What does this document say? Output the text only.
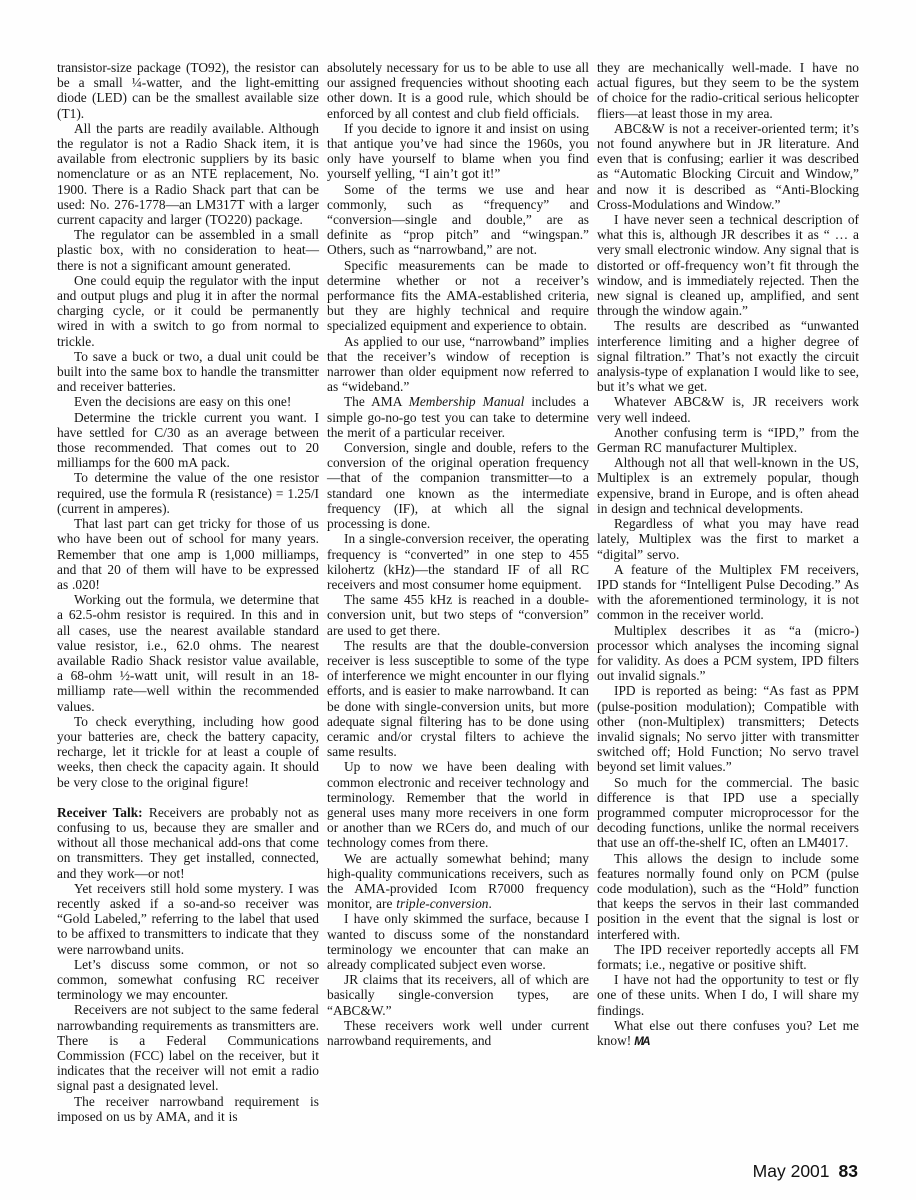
transistor-size package (TO92), the resistor can be a small ¼-watter, and the light-emitting diode (LED) can be the smallest available size (T1).

All the parts are readily available. Although the regulator is not a Radio Shack item, it is available from electronic suppliers by its basic nomenclature or as an NTE replacement, No. 1900. There is a Radio Shack part that can be used: No. 276-1778—an LM317T with a larger current capacity and larger (TO220) package.

The regulator can be assembled in a small plastic box, with no consideration to heat—there is not a significant amount generated.

One could equip the regulator with the input and output plugs and plug it in after the normal charging cycle, or it could be permanently wired in with a switch to go from normal to trickle.

To save a buck or two, a dual unit could be built into the same box to handle the transmitter and receiver batteries.

Even the decisions are easy on this one!

Determine the trickle current you want. I have settled for C/30 as an average between those recommended. That comes out to 20 milliamps for the 600 mA pack.

To determine the value of the one resistor required, use the formula R (resistance) = 1.25/I (current in amperes).

That last part can get tricky for those of us who have been out of school for many years. Remember that one amp is 1,000 milliamps, and that 20 of them will have to be expressed as .020!

Working out the formula, we determine that a 62.5-ohm resistor is required. In this and in all cases, use the nearest available standard value resistor, i.e., 62.0 ohms. The nearest available Radio Shack resistor value available, a 68-ohm ½-watt unit, will result in an 18-milliamp rate—well within the recommended values.

To check everything, including how good your batteries are, check the battery capacity, recharge, let it trickle for at least a couple of weeks, then check the capacity again. It should be very close to the original figure!

Receiver Talk: Receivers are probably not as confusing to us, because they are smaller and without all those mechanical add-ons that come on transmitters. They get installed, connected, and they work—or not!

Yet receivers still hold some mystery. I was recently asked if a so-and-so receiver was “Gold Labeled,” referring to the label that used to be affixed to transmitters to indicate that they were narrowband units.

Let’s discuss some common, or not so common, somewhat confusing RC receiver terminology we may encounter.

Receivers are not subject to the same federal narrowbanding requirements as transmitters are. There is a Federal Communications Commission (FCC) label on the receiver, but it indicates that the receiver will not emit a radio signal past a designated level.

The receiver narrowband requirement is imposed on us by AMA, and it is

absolutely necessary for us to be able to use all our assigned frequencies without shooting each other down. It is a good rule, which should be enforced by all contest and club field officials.

If you decide to ignore it and insist on using that antique you’ve had since the 1960s, you only have yourself to blame when you find yourself yelling, “I ain’t got it!”

Some of the terms we use and hear commonly, such as “frequency” and “conversion—single and double,” are as definite as “prop pitch” and “wingspan.” Others, such as “narrowband,” are not.

Specific measurements can be made to determine whether or not a receiver’s performance fits the AMA-established criteria, but they are highly technical and require specialized equipment and experience to obtain.

As applied to our use, “narrowband” implies that the receiver’s window of reception is narrower than older equipment now referred to as “wideband.”

The AMA Membership Manual includes a simple go-no-go test you can take to determine the merit of a particular receiver.

Conversion, single and double, refers to the conversion of the original operation frequency—that of the companion transmitter—to a standard one known as the intermediate frequency (IF), at which all the signal processing is done.

In a single-conversion receiver, the operating frequency is “converted” in one step to 455 kilohertz (kHz)—the standard IF of all RC receivers and most consumer home equipment.

The same 455 kHz is reached in a double-conversion unit, but two steps of “conversion” are used to get there.

The results are that the double-conversion receiver is less susceptible to some of the type of interference we might encounter in our flying efforts, and is easier to make narrowband. It can be done with single-conversion units, but more adequate signal filtering has to be done using ceramic and/or crystal filters to achieve the same results.

Up to now we have been dealing with common electronic and receiver technology and terminology. Remember that the world in general uses many more receivers in one form or another than we RCers do, and much of our technology comes from there.

We are actually somewhat behind; many high-quality communications receivers, such as the AMA-provided Icom R7000 frequency monitor, are triple-conversion.

I have only skimmed the surface, because I wanted to discuss some of the nonstandard terminology we encounter that can make an already complicated subject even worse.

JR claims that its receivers, all of which are basically single-conversion types, are “ABC&W.”

These receivers work well under current narrowband requirements, and

they are mechanically well-made. I have no actual figures, but they seem to be the system of choice for the radio-critical serious helicopter fliers—at least those in my area.

ABC&W is not a receiver-oriented term; it’s not found anywhere but in JR literature. And even that is confusing; earlier it was described as “Automatic Blocking Circuit and Window,” and now it is described as “Anti-Blocking Cross-Modulations and Window.”

I have never seen a technical description of what this is, although JR describes it as “ … a very small electronic window. Any signal that is distorted or off-frequency won’t fit through the window, and is immediately rejected. Then the new signal is cleaned up, amplified, and sent through the window again.”

The results are described as “unwanted interference limiting and a higher degree of signal filtration.” That’s not exactly the circuit analysis-type of explanation I would like to see, but it’s what we get.

Whatever ABC&W is, JR receivers work very well indeed.

Another confusing term is “IPD,” from the German RC manufacturer Multiplex.

Although not all that well-known in the US, Multiplex is an extremely popular, though expensive, brand in Europe, and is often ahead in design and technical developments.

Regardless of what you may have read lately, Multiplex was the first to market a “digital” servo.

A feature of the Multiplex FM receivers, IPD stands for “Intelligent Pulse Decoding.” As with the aforementioned terminology, it is not common in the receiver world.

Multiplex describes it as “a (micro-) processor which analyses the incoming signal for validity. As does a PCM system, IPD filters out invalid signals.”

IPD is reported as being: “As fast as PPM (pulse-position modulation); Compatible with other (non-Multiplex) transmitters; Detects invalid signals; No servo jitter with transmitter switched off; Hold Function; No servo travel beyond set limit values.”

So much for the commercial. The basic difference is that IPD use a specially programmed computer microprocessor for the decoding functions, unlike the normal receivers that use an off-the-shelf IC, often an LM4017.

This allows the design to include some features normally found only on PCM (pulse code modulation), such as the “Hold” function that keeps the servos in their last commanded position in the event that the signal is lost or interfered with.

The IPD receiver reportedly accepts all FM formats; i.e., negative or positive shift.

I have not had the opportunity to test or fly one of these units. When I do, I will share my findings.

What else out there confuses you? Let me know! MA

May 2001 83
